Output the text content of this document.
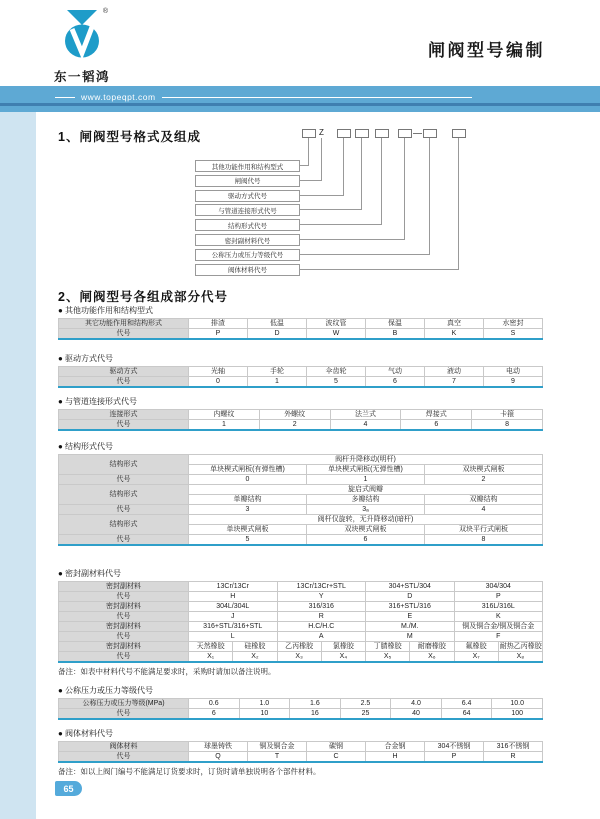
®
东一韬鸿
闸阀型号编制
www.topeqpt.com
1、闸阀型号格式及组成	Z
其他功能作用和结构型式
闸阀代号
驱动方式代号
与管道连接形式代号
结构形式代号
密封副材料代号
公称压力或压力等级代号
阀体材料代号
2、闸阀型号各组成部分代号
● 其他功能作用和结构型式
其它功能作用和结构形式	排渣	低温	波纹管	保温	真空	水密封
代号	P	D	W	B	K	S
● 驱动方式代号
驱动方式	光轴	手轮	伞齿轮	气动	液动	电动
代号	0	1	5	6	7	9
● 与管道连接形式代号
连接形式	内螺纹	外螺纹	法兰式	焊接式	卡箍
代号	1	2	4	6	8
● 结构形式代号
结构形式	阀杆升降移动(明杆)		
	单块楔式闸板(有弹性槽)	单块楔式闸板(无弹性槽)	双块楔式闸板
代号	0	1	2
结构形式	旋启式阀瓣		
	单瓣结构	多瓣结构	双瓣结构
代号	3	3ₐ	4
结构形式	阀杆仅旋转，无升降移动(暗杆)		
	单块楔式闸板	双块楔式闸板	双块平行式闸板
代号	5	6	8
● 密封副材料代号
密封副材料	13Cr/13Cr		13Cr/13Cr+STL		304+STL/304		304/304	
代号	H		Y		D		P	
密封副材料	304L/304L		316/316		316+STL/316		316L/316L	
代号	J		R		E		K	
密封副材料	316+STL/316+STL		H.C/H.C		M./M.		铜及铜合金/铜及铜合金	
代号	L		A		M		F	
密封副材料	天然橡胶	硅橡胶	乙丙橡胶	氯橡胶	丁腈橡胶	耐磨橡胶	氟橡胶	耐热乙丙橡胶
代号	X₁	X₂	X₃	X₄	X₅	X₆	X₇	X₈
备注：如表中材料代号不能满足要求时，采购时请加以备注说明。
● 公称压力或压力等级代号
公称压力或压力等级(MPa)	0.6	1.0	1.6	2.5	4.0	6.4	10.0
代号	6	10	16	25	40	64	100
● 阀体材料代号
阀体材料	球墨铸铁	铜及铜合金	碳钢	合金钢	304不锈钢	316不锈钢
代号	Q	T	C	H	P	R
备注：如以上阀门编号不能满足订货要求时，订货时请单独说明各个部件材料。
65
